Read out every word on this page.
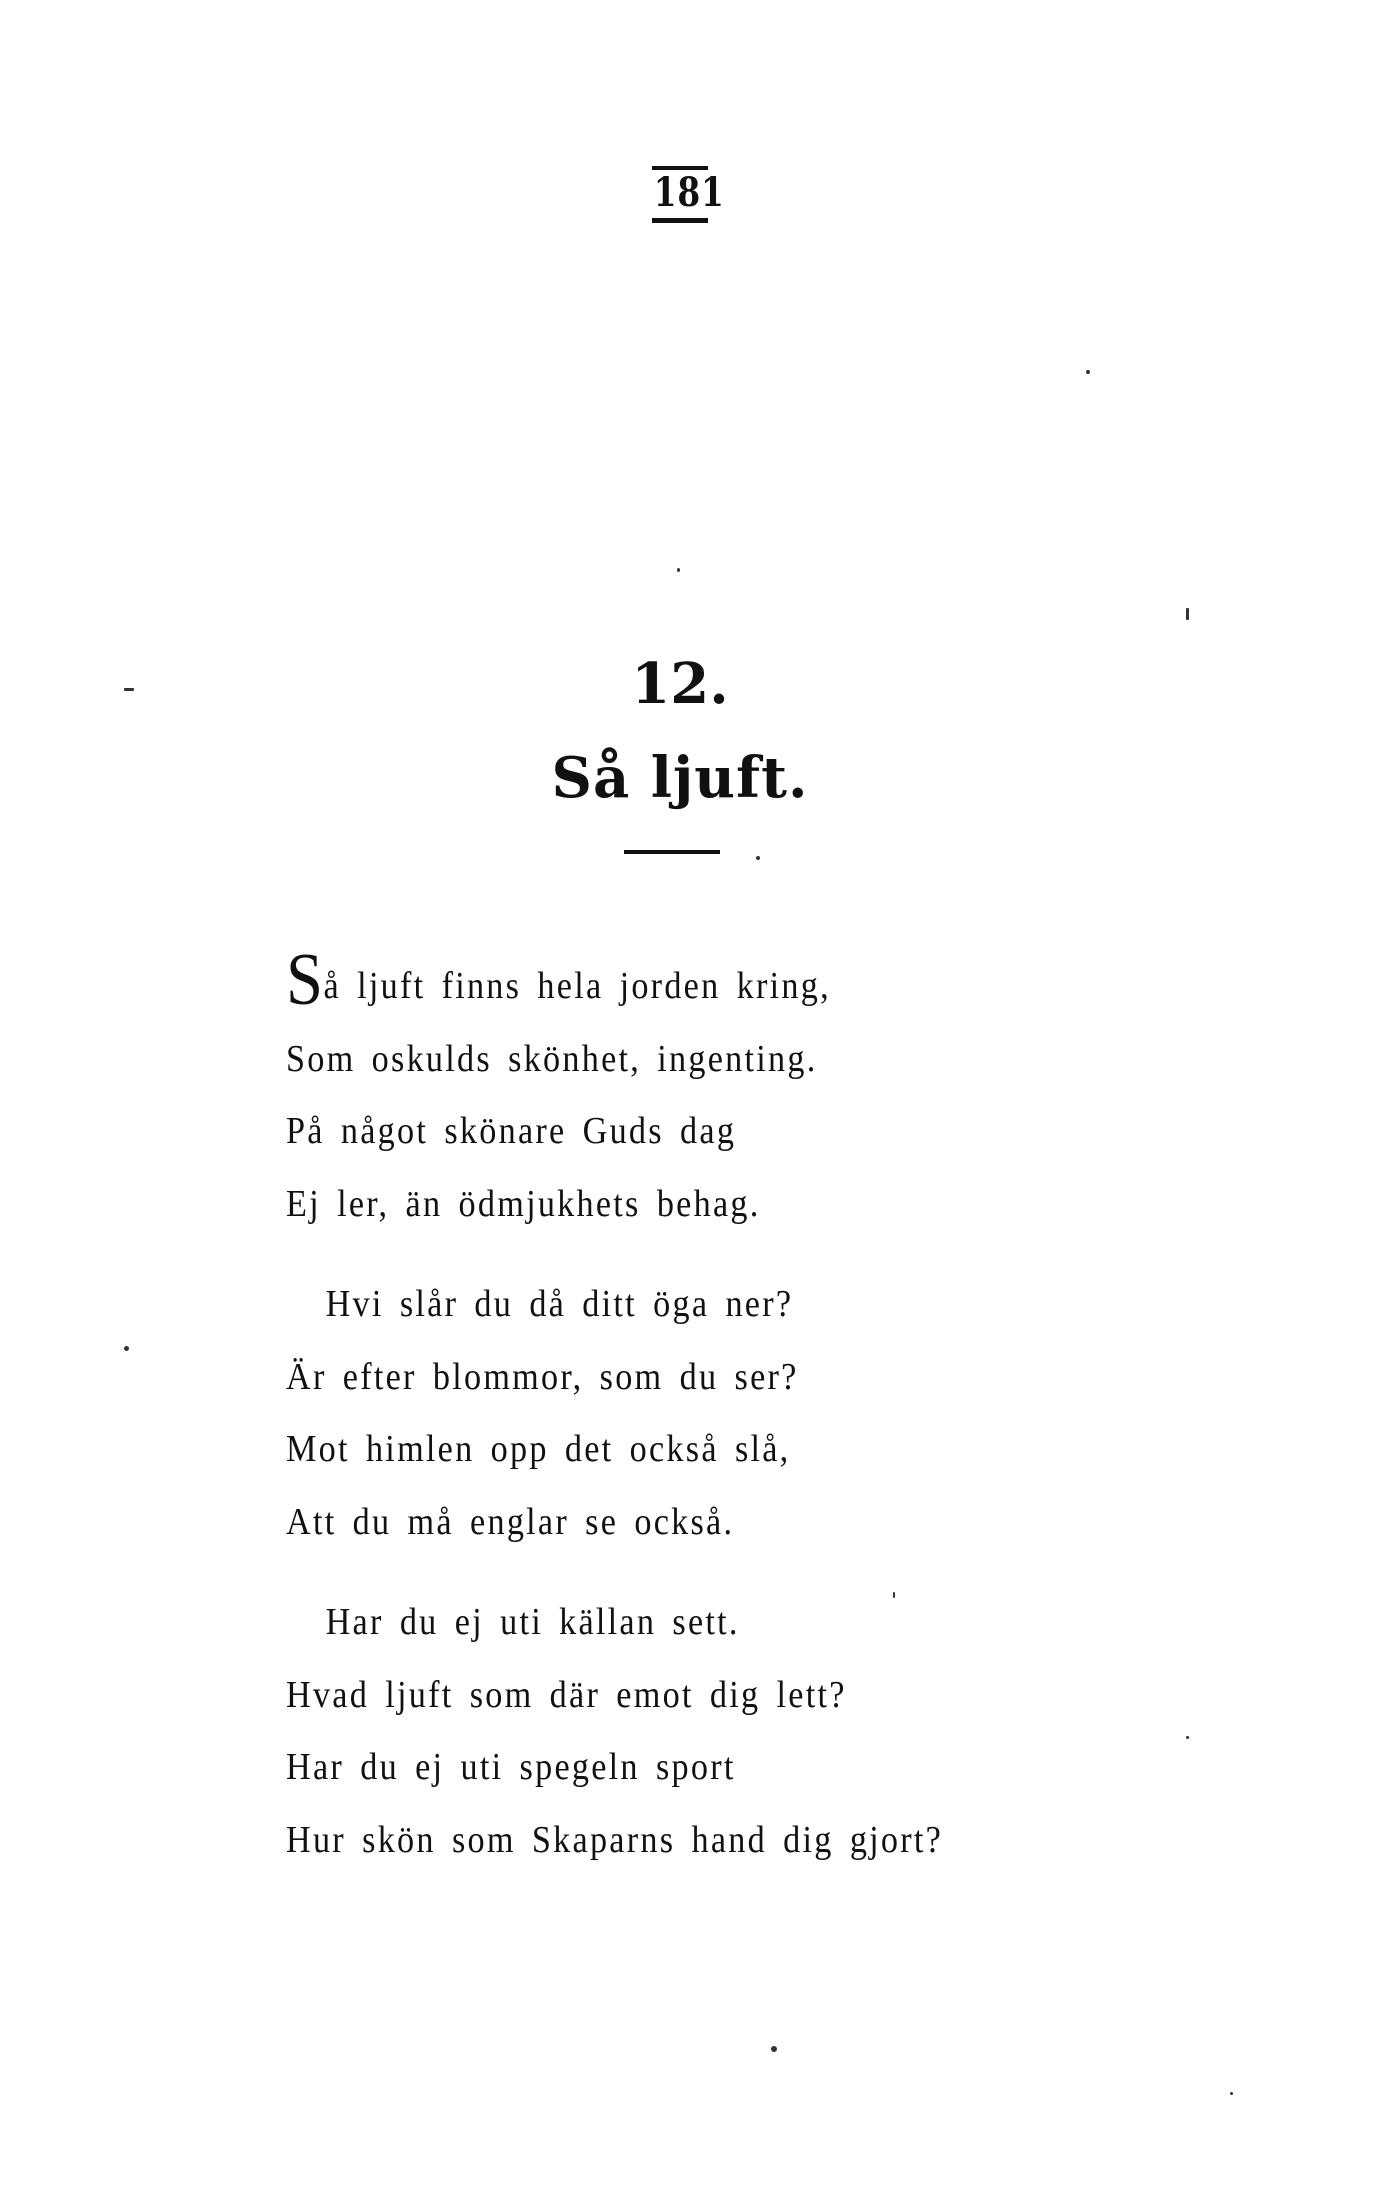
181
12.
Så ljuft.
Så ljuft finns hela jorden kring,
Som oskulds skönhet, ingenting.
På något skönare Guds dag
Ej ler, än ödmjukhets behag.
Hvi slår du då ditt öga ner?
Är efter blommor, som du ser?
Mot himlen opp det också slå,
Att du må englar se också.
Har du ej uti källan sett.
Hvad ljuft som där emot dig lett?
Har du ej uti spegeln sport
Hur skön som Skaparns hand dig gjort?
